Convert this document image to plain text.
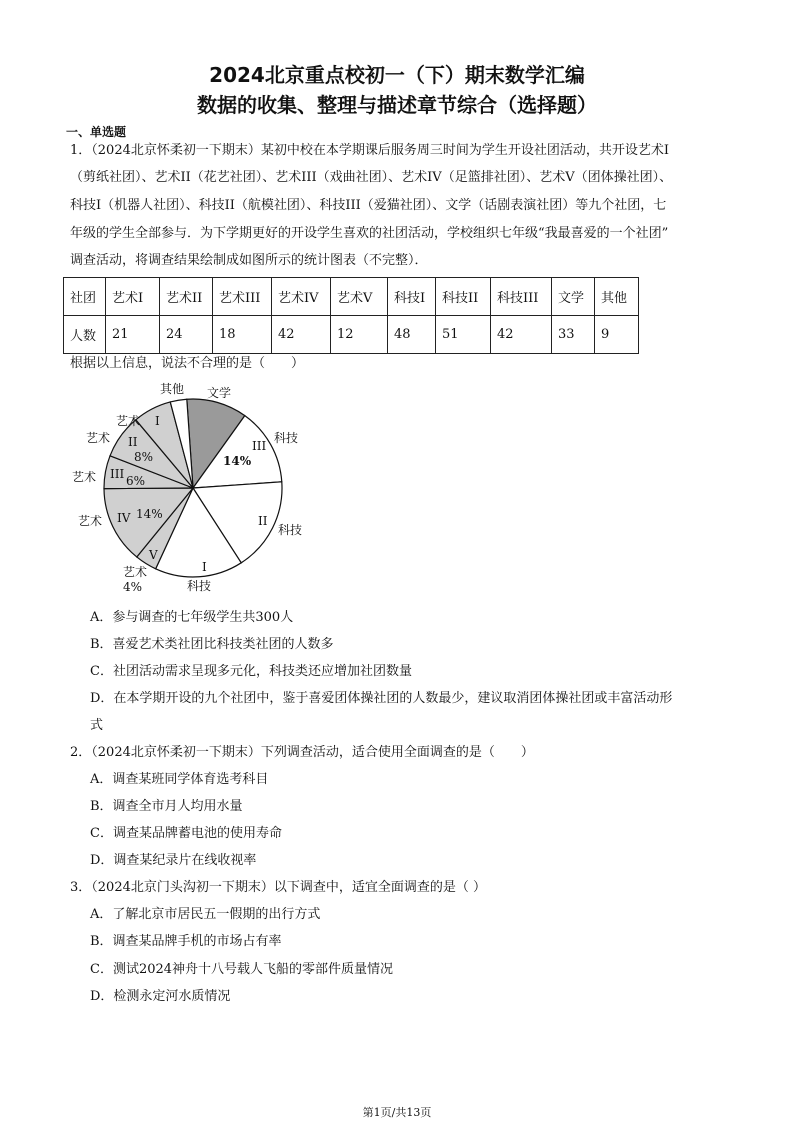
2024北京重点校初一（下）期末数学汇编
数据的收集、整理与描述章节综合（选择题）
一、单选题
1．（2024北京怀柔初一下期末）某初中校在本学期课后服务周三时间为学生开设社团活动，共开设艺术I
（剪纸社团）、艺术II（花艺社团）、艺术III（戏曲社团）、艺术IV（足篮排社团）、艺术V（团体操社团）、
科技I（机器人社团）、科技II（航模社团）、科技III（爱猫社团）、文学（话剧表演社团）等九个社团，七
年级的学生全部参与．为下学期更好的开设学生喜欢的社团活动，学校组织七年级“我最喜爱的一个社团”
调查活动，将调查结果绘制成如图所示的统计图表（不完整）．
社团	艺术I	艺术II	艺术III	艺术IV	艺术V	科技I	科技II	科技III	文学	其他
人数	21	24	18	42	12	48	51	42	33	9
根据以上信息，说法不合理的是（　　）
其他 文学
科技
III
14%
科技
II
I
科技
艺术 I
艺术 II
8%
艺术 III 6%
艺术 IV 14%
V
艺术
4%
A．参与调查的七年级学生共300人
B．喜爱艺术类社团比科技类社团的人数多
C．社团活动需求呈现多元化，科技类还应增加社团数量
D．在本学期开设的九个社团中，鉴于喜爱团体操社团的人数最少，建议取消团体操社团或丰富活动形
式
2．（2024北京怀柔初一下期末）下列调查活动，适合使用全面调查的是（　　）
A．调查某班同学体育选考科目
B．调查全市月人均用水量
C．调查某品牌蓄电池的使用寿命
D．调查某纪录片在线收视率
3．（2024北京门头沟初一下期末）以下调查中，适宜全面调查的是（ ）
A．了解北京市居民五一假期的出行方式
B．调查某品牌手机的市场占有率
C．测试2024神舟十八号载人飞船的零部件质量情况
D．检测永定河水质情况
第1页/共13页
